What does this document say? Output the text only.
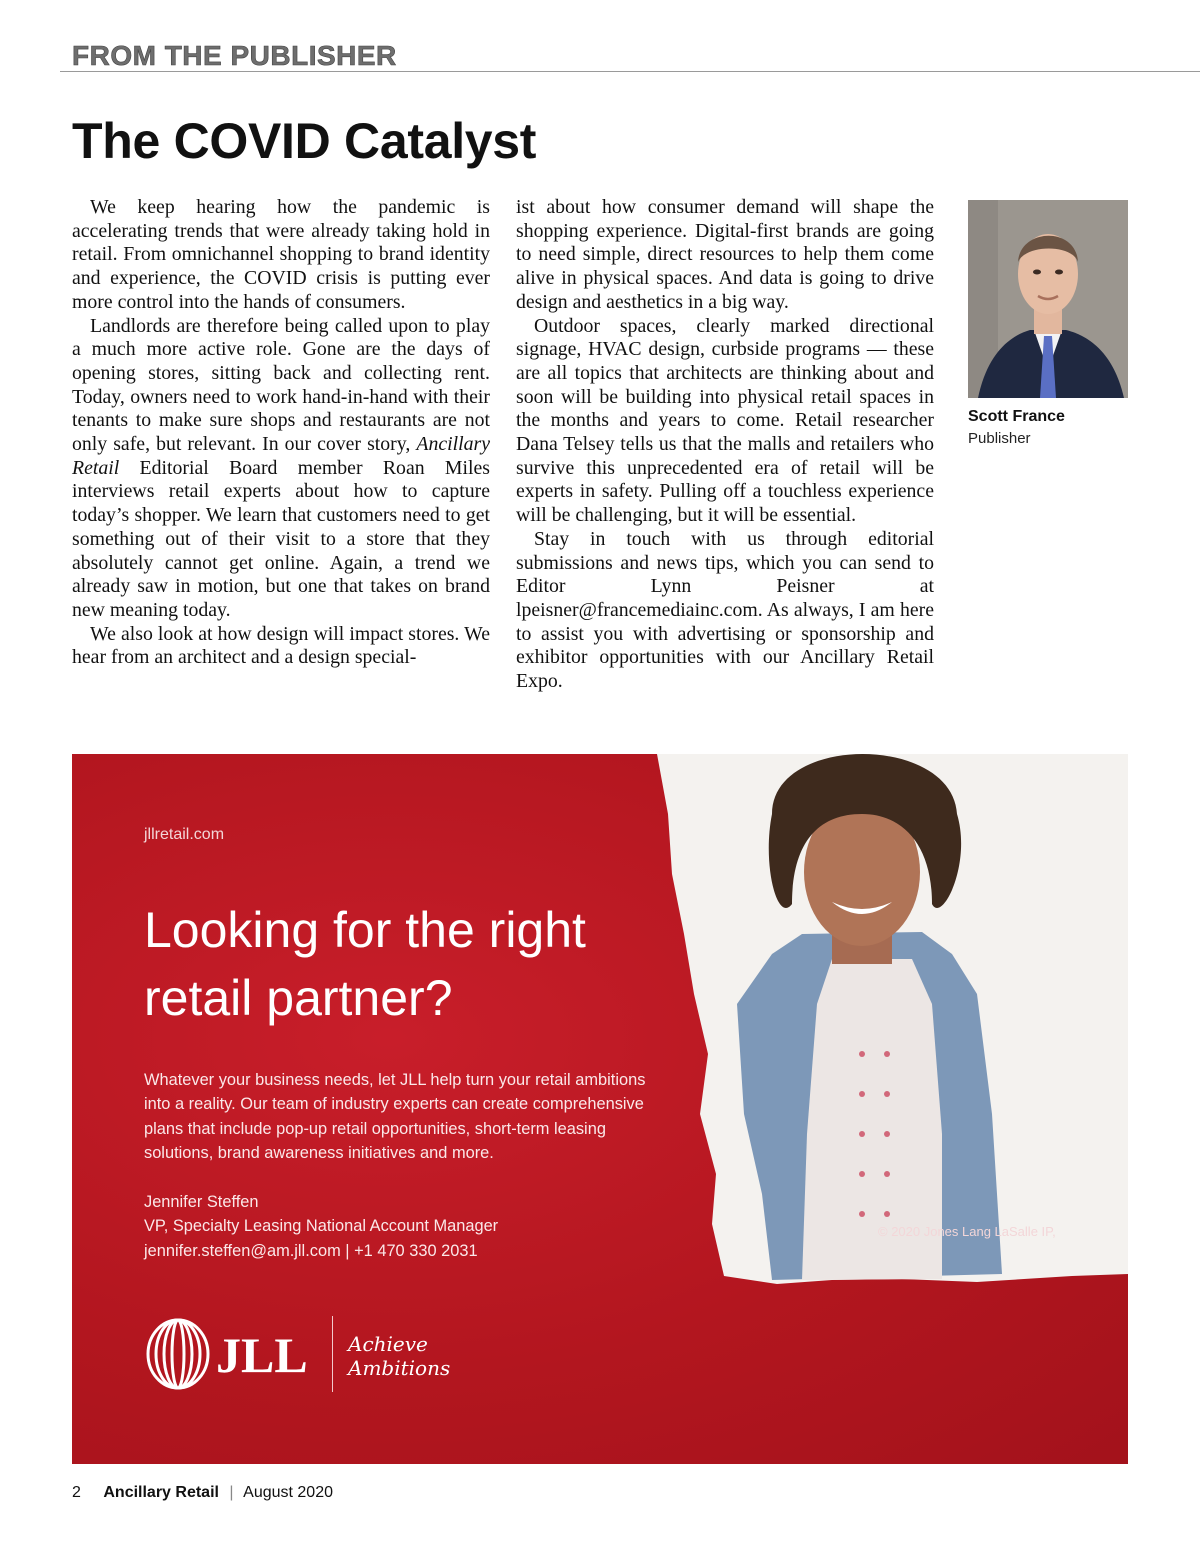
FROM THE PUBLISHER
The COVID Catalyst

We keep hearing how the pandemic is accelerating trends that were already taking hold in retail. From omnichannel shopping to brand identity and experience, the COVID crisis is putting ever more control into the hands of consumers.

Landlords are therefore being called upon to play a much more active role. Gone are the days of opening stores, sitting back and collecting rent. Today, owners need to work hand-in-hand with their tenants to make sure shops and restaurants are not only safe, but relevant. In our cover story, Ancillary Retail Editorial Board member Roan Miles interviews retail experts about how to capture today’s shopper. We learn that customers need to get something out of their visit to a store that they absolutely cannot get online. Again, a trend we already saw in motion, but one that takes on brand new meaning today.

We also look at how design will impact stores. We hear from an architect and a design special-

ist about how consumer demand will shape the shopping experience. Digital-first brands are going to need simple, direct resources to help them come alive in physical spaces. And data is going to drive design and aesthetics in a big way.

Outdoor spaces, clearly marked directional signage, HVAC design, curbside programs — these are all topics that architects are thinking about and soon will be building into physical retail spaces in the months and years to come. Retail researcher Dana Telsey tells us that the malls and retailers who survive this unprecedented era of retail will be experts in safety. Pulling off a touchless experience will be challenging, but it will be essential.

Stay in touch with us through editorial submissions and news tips, which you can send to Editor Lynn Peisner at lpeisner@francemediainc.com. As always, I am here to assist you with advertising or sponsorship and exhibitor opportunities with our Ancillary Retail Expo.

Scott France
Publisher
jllretail.com
Looking for the right retail partner?
Whatever your business needs, let JLL help turn your retail ambitions into a reality. Our team of industry experts can create comprehensive plans that include pop-up retail opportunities, short-term leasing solutions, brand awareness initiatives and more.
Jennifer Steffen
VP, Specialty Leasing National Account Manager
jennifer.steffen@am.jll.com | +1 470 330 2031
JLL Achieve
Ambitions
© 2020 Jones Lang LaSalle IP,
2 Ancillary Retail | August 2020
